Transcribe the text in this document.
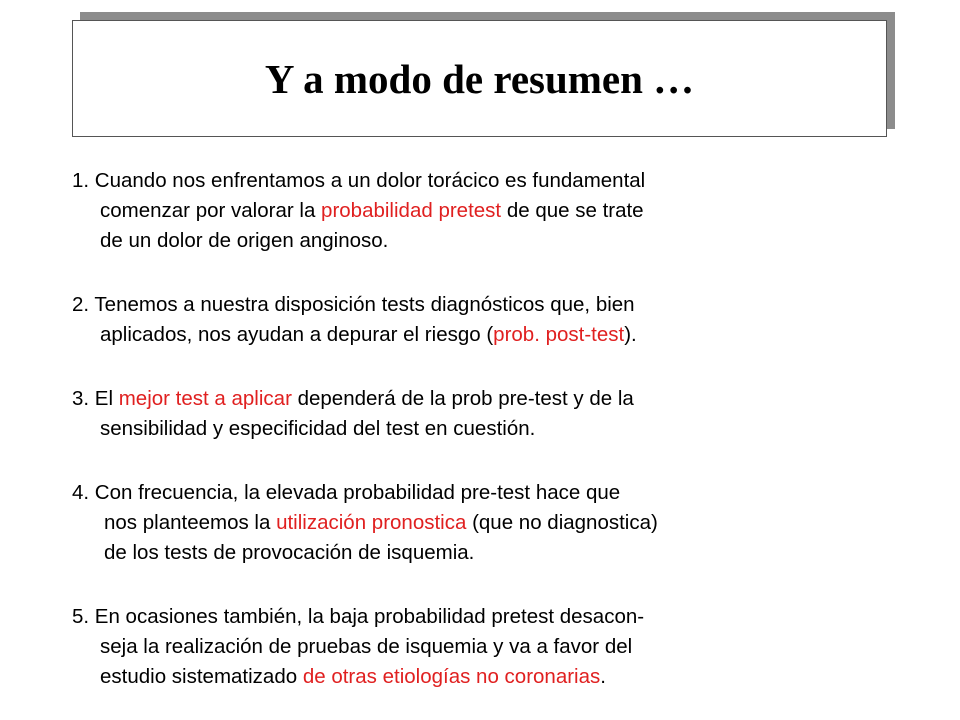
Y a modo de resumen …
1. Cuando nos enfrentamos a un dolor torácico es fundamental
comenzar por valorar la probabilidad pretest de que se trate
de un dolor de origen anginoso.
2. Tenemos a nuestra disposición tests diagnósticos que, bien
aplicados, nos ayudan a depurar el riesgo (prob. post-test).
3. El mejor test a aplicar dependerá de la prob pre-test y de la
sensibilidad y especificidad del test en cuestión.
4. Con frecuencia, la elevada probabilidad pre-test hace que
nos planteemos la utilización pronostica (que no diagnostica)
de los tests de provocación de isquemia.
5. En ocasiones también, la baja probabilidad pretest desacon-
seja la realización de pruebas de isquemia y va a favor del
estudio sistematizado de otras etiologías no coronarias.
